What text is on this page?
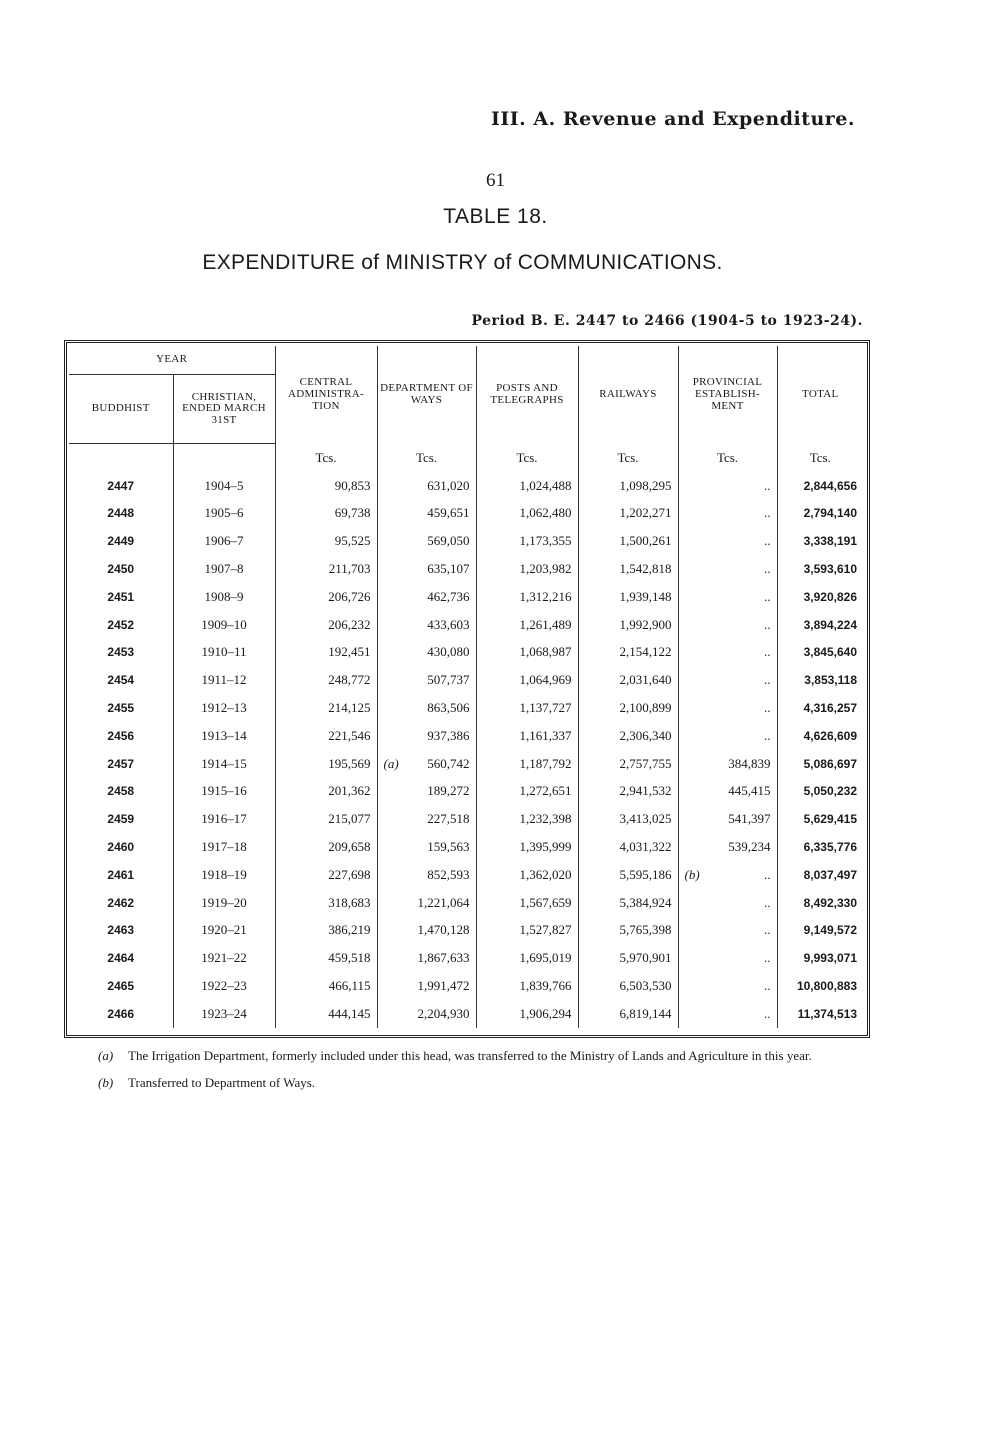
III. A. Revenue and Expenditure.
61
TABLE 18.
EXPENDITURE of MINISTRY of COMMUNICATIONS.
Period B. E. 2447 to 2466 (1904-5 to 1923-24).
YEAR		CENTRAL ADMINISTRA-TION	DEPARTMENT OF WAYS	POSTS AND TELEGRAPHS	RAILWAYS	PROVINCIAL ESTABLISH-MENT	TOTAL
BUDDHIST	CHRISTIAN, ENDED MARCH 31ST						
		Tcs.	Tcs.	Tcs.	Tcs.	Tcs.	Tcs.
2447	1904–5	90,853	631,020	1,024,488	1,098,295	..	2,844,656
2448	1905–6	69,738	459,651	1,062,480	1,202,271	..	2,794,140
2449	1906–7	95,525	569,050	1,173,355	1,500,261	..	3,338,191
2450	1907–8	211,703	635,107	1,203,982	1,542,818	..	3,593,610
2451	1908–9	206,726	462,736	1,312,216	1,939,148	..	3,920,826
2452	1909–10	206,232	433,603	1,261,489	1,992,900	..	3,894,224
2453	1910–11	192,451	430,080	1,068,987	2,154,122	..	3,845,640
2454	1911–12	248,772	507,737	1,064,969	2,031,640	..	3,853,118
2455	1912–13	214,125	863,506	1,137,727	2,100,899	..	4,316,257
2456	1913–14	221,546	937,386	1,161,337	2,306,340	..	4,626,609
2457	1914–15	195,569	(a) 560,742	1,187,792	2,757,755	384,839	5,086,697
2458	1915–16	201,362	189,272	1,272,651	2,941,532	445,415	5,050,232
2459	1916–17	215,077	227,518	1,232,398	3,413,025	541,397	5,629,415
2460	1917–18	209,658	159,563	1,395,999	4,031,322	539,234	6,335,776
2461	1918–19	227,698	852,593	1,362,020	5,595,186	(b) ..	8,037,497
2462	1919–20	318,683	1,221,064	1,567,659	5,384,924	..	8,492,330
2463	1920–21	386,219	1,470,128	1,527,827	5,765,398	..	9,149,572
2464	1921–22	459,518	1,867,633	1,695,019	5,970,901	..	9,993,071
2465	1922–23	466,115	1,991,472	1,839,766	6,503,530	..	10,800,883
2466	1923–24	444,145	2,204,930	1,906,294	6,819,144	..	11,374,513
(a) The Irrigation Department, formerly included under this head, was transferred to the Ministry of Lands and Agriculture in this year.
(b) Transferred to Department of Ways.
